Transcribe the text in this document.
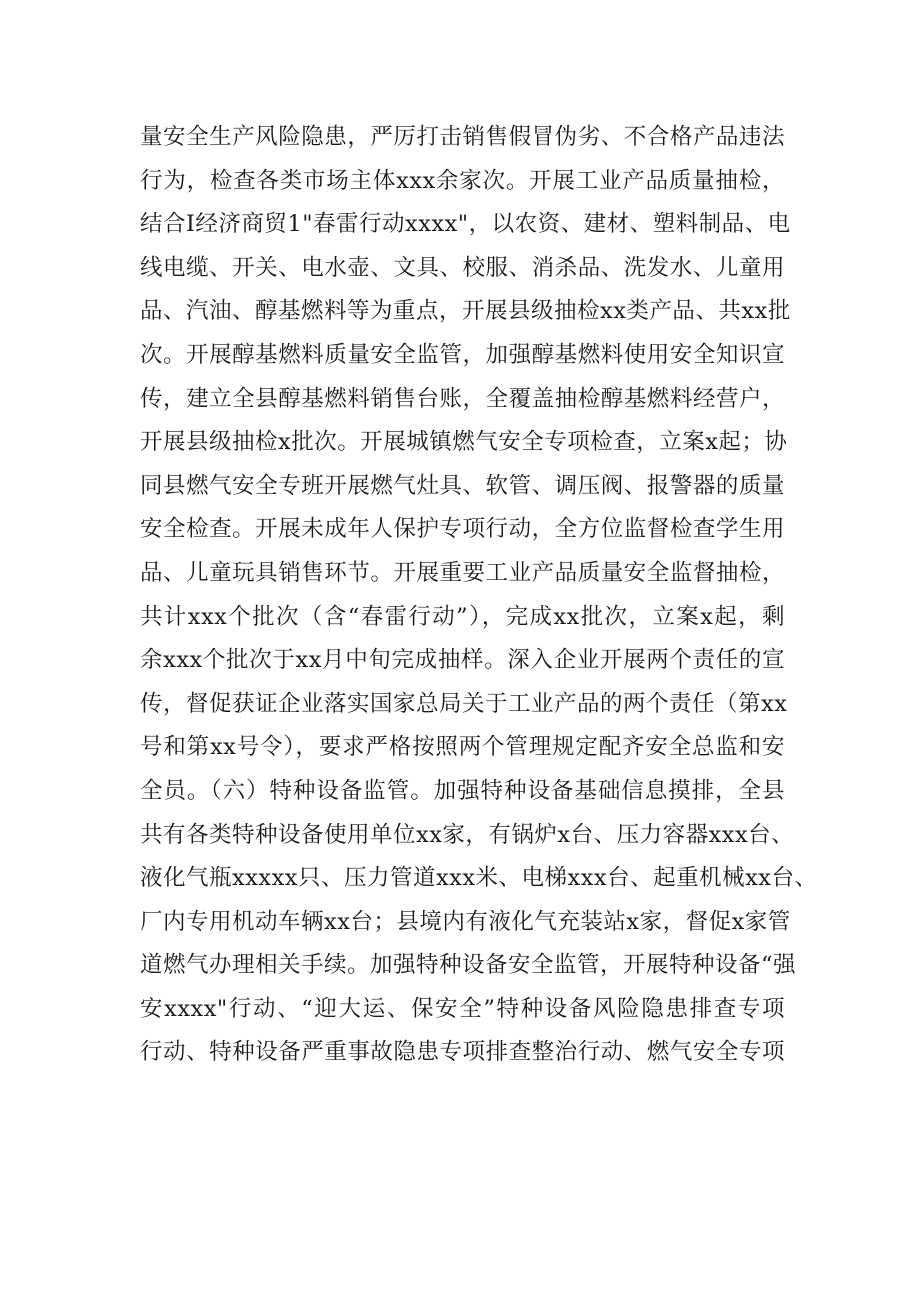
量安全生产风险隐患，严厉打击销售假冒伪劣、不合格产品违法
行为，检查各类市场主体xxx余家次。开展工业产品质量抽检，
结合I经济商贸1"春雷行动xxxx"，以农资、建材、塑料制品、电
线电缆、开关、电水壶、文具、校服、消杀品、洗发水、儿童用
品、汽油、醇基燃料等为重点，开展县级抽检xx类产品、共xx批
次。开展醇基燃料质量安全监管，加强醇基燃料使用安全知识宣
传，建立全县醇基燃料销售台账，全覆盖抽检醇基燃料经营户，
开展县级抽检x批次。开展城镇燃气安全专项检查，立案x起；协
同县燃气安全专班开展燃气灶具、软管、调压阀、报警器的质量
安全检查。开展未成年人保护专项行动，全方位监督检查学生用
品、儿童玩具销售环节。开展重要工业产品质量安全监督抽检，
共计xxx个批次（含“春雷行动”），完成xx批次，立案x起，剩
余xxx个批次于xx月中旬完成抽样。深入企业开展两个责任的宣
传，督促获证企业落实国家总局关于工业产品的两个责任（第xx
号和第xx号令），要求严格按照两个管理规定配齐安全总监和安
全员。（六）特种设备监管。加强特种设备基础信息摸排，全县
共有各类特种设备使用单位xx家，有锅炉x台、压力容器xxx台、
液化气瓶xxxxx只、压力管道xxx米、电梯xxx台、起重机械xx台、
厂内专用机动车辆xx台；县境内有液化气充装站x家，督促x家管
道燃气办理相关手续。加强特种设备安全监管，开展特种设备“强
安xxxx"行动、“迎大运、保安全”特种设备风险隐患排查专项
行动、特种设备严重事故隐患专项排查整治行动、燃气安全专项
